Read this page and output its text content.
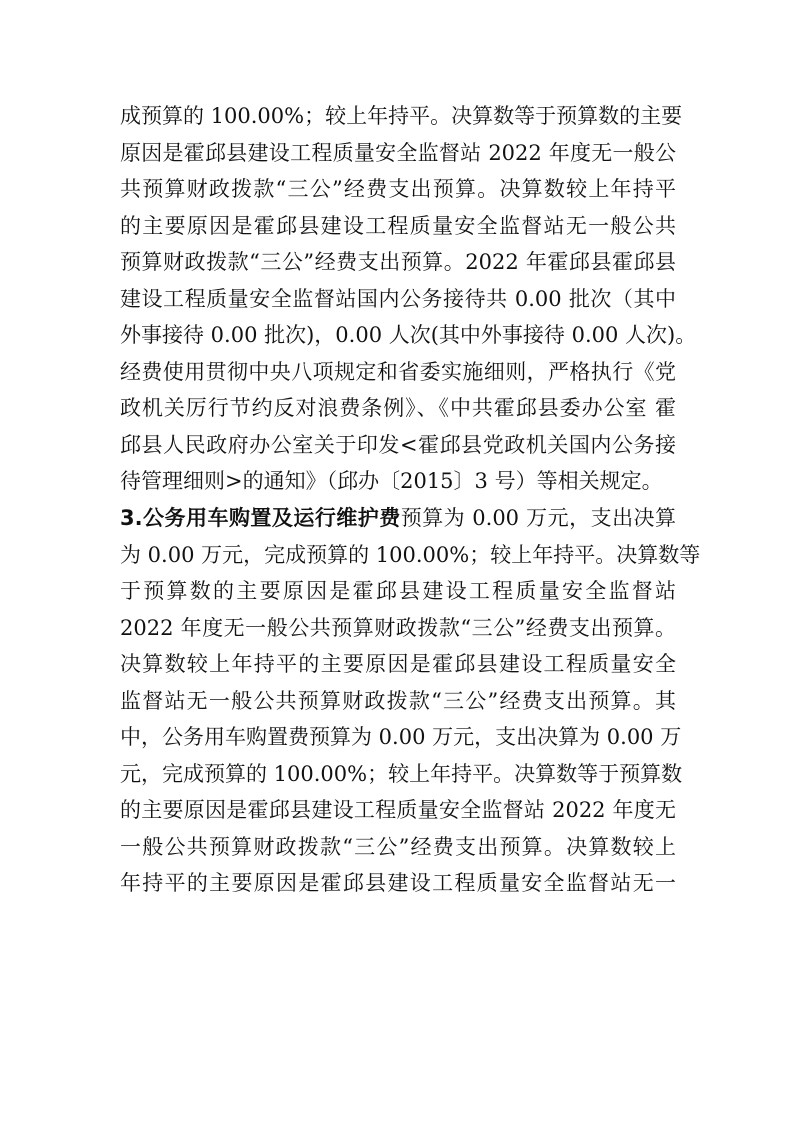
成预算的 100.00%；较上年持平。决算数等于预算数的主要
原因是霍邱县建设工程质量安全监督站 2022 年度无一般公
共预算财政拨款“三公”经费支出预算。决算数较上年持平
的主要原因是霍邱县建设工程质量安全监督站无一般公共
预算财政拨款“三公”经费支出预算。2022 年霍邱县霍邱县
建设工程质量安全监督站国内公务接待共 0.00 批次（其中
外事接待 0.00 批次)，0.00 人次(其中外事接待 0.00 人次)。
经费使用贯彻中央八项规定和省委实施细则，严格执行《党
政机关厉行节约反对浪费条例》、《中共霍邱县委办公室 霍
邱县人民政府办公室关于印发<霍邱县党政机关国内公务接
待管理细则>的通知》（邱办〔2015〕3 号）等相关规定。
3.公务用车购置及运行维护费预算为 0.00 万元，支出决算
为 0.00 万元，完成预算的 100.00%；较上年持平。决算数等
于预算数的主要原因是霍邱县建设工程质量安全监督站
2022 年度无一般公共预算财政拨款“三公”经费支出预算。
决算数较上年持平的主要原因是霍邱县建设工程质量安全
监督站无一般公共预算财政拨款“三公”经费支出预算。其
中，公务用车购置费预算为 0.00 万元，支出决算为 0.00 万
元，完成预算的 100.00%；较上年持平。决算数等于预算数
的主要原因是霍邱县建设工程质量安全监督站 2022 年度无
一般公共预算财政拨款“三公”经费支出预算。决算数较上
年持平的主要原因是霍邱县建设工程质量安全监督站无一
